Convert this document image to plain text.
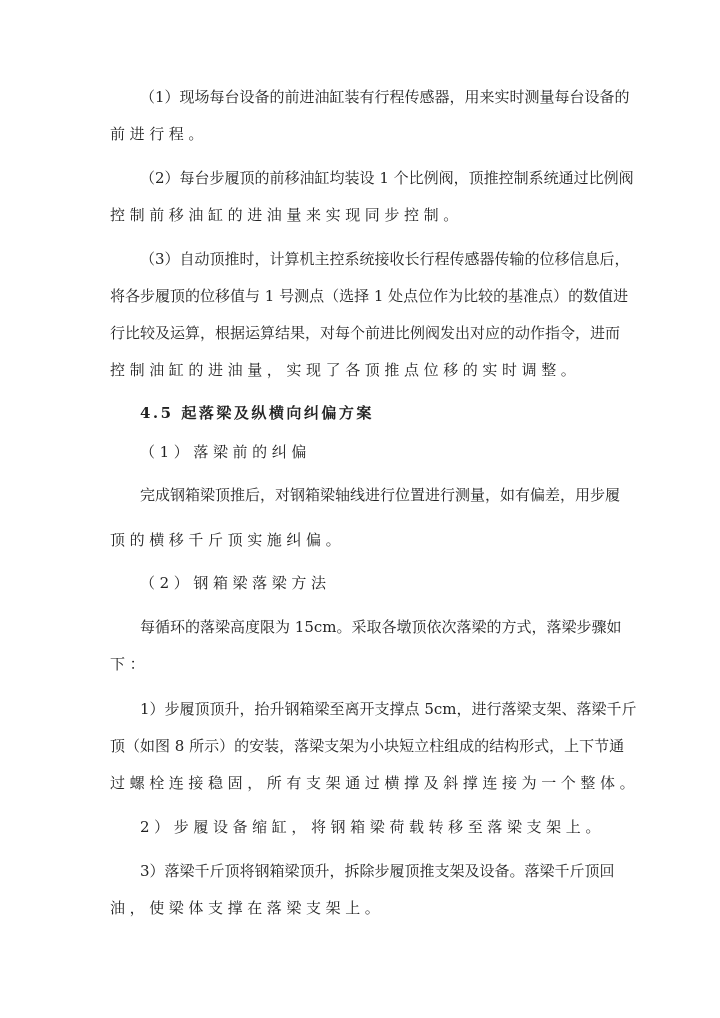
（1）现场每台设备的前进油缸装有行程传感器，用来实时测量每台设备的
前进行程。
（2）每台步履顶的前移油缸均装设 1 个比例阀，顶推控制系统通过比例阀
控制前移油缸的进油量来实现同步控制。
（3）自动顶推时，计算机主控系统接收长行程传感器传输的位移信息后，
将各步履顶的位移值与 1 号测点（选择 1 处点位作为比较的基准点）的数值进
行比较及运算，根据运算结果，对每个前进比例阀发出对应的动作指令，进而
控制油缸的进油量，实现了各顶推点位移的实时调整。
4.5 起落梁及纵横向纠偏方案
（1）落梁前的纠偏
完成钢箱梁顶推后，对钢箱梁轴线进行位置进行测量，如有偏差，用步履
顶的横移千斤顶实施纠偏。
（2）钢箱梁落梁方法
每循环的落梁高度限为 15cm。采取各墩顶依次落梁的方式，落梁步骤如
下：
1）步履顶顶升，抬升钢箱梁至离开支撑点 5cm，进行落梁支架、落梁千斤
顶（如图 8 所示）的安装，落梁支架为小块短立柱组成的结构形式，上下节通
过螺栓连接稳固，所有支架通过横撑及斜撑连接为一个整体。
2）步履设备缩缸，将钢箱梁荷载转移至落梁支架上。
3）落梁千斤顶将钢箱梁顶升，拆除步履顶推支架及设备。落梁千斤顶回
油，使梁体支撑在落梁支架上。
